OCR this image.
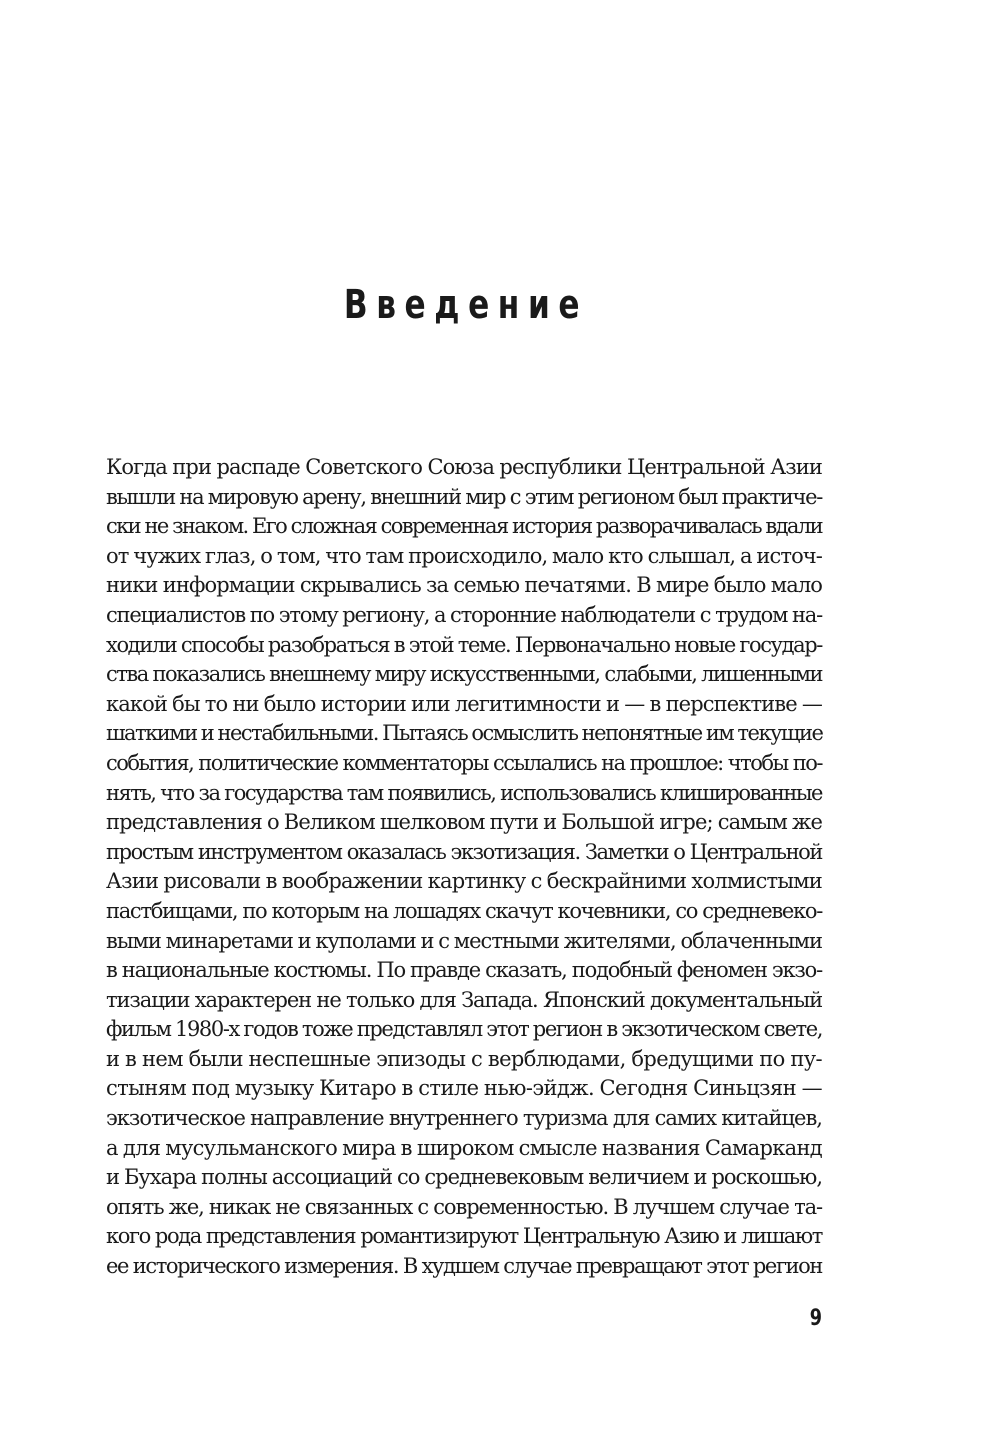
Введение
Когда при распаде Советского Союза республики Центральной Азии
вышли на мировую арену, внешний мир с этим регионом был практиче-
ски не знаком. Его сложная современная история разворачивалась вдали
от чужих глаз, о том, что там происходило, мало кто слышал, а источ-
ники информации скрывались за семью печатями. В мире было мало
специалистов по этому региону, а сторонние наблюдатели с трудом на-
ходили способы разобраться в этой теме. Первоначально новые государ-
ства показались внешнему миру искусственными, слабыми, лишенными
какой бы то ни было истории или легитимности и — в перспективе —
шаткими и нестабильными. Пытаясь осмыслить непонятные им текущие
события, политические комментаторы ссылались на прошлое: чтобы по-
нять, что за государства там появились, использовались клишированные
представления о Великом шелковом пути и Большой игре; самым же
простым инструментом оказалась экзотизация. Заметки о Центральной
Азии рисовали в воображении картинку с бескрайними холмистыми
пастбищами, по которым на лошадях скачут кочевники, со средневеко-
выми минаретами и куполами и с местными жителями, облаченными
в национальные костюмы. По правде сказать, подобный феномен экзо-
тизации характерен не только для Запада. Японский документальный
фильм 1980-х годов тоже представлял этот регион в экзотическом свете,
и в нем были неспешные эпизоды с верблюдами, бредущими по пу-
стыням под музыку Китаро в стиле нью-эйдж. Сегодня Синьцзян —
экзотическое направление внутреннего туризма для самих китайцев,
а для мусульманского мира в широком смысле названия Самарканд
и Бухара полны ассоциаций со средневековым величием и роскошью,
опять же, никак не связанных с современностью. В лучшем случае та-
кого рода представления романтизируют Центральную Азию и лишают
ее исторического измерения. В худшем случае превращают этот регион
9
